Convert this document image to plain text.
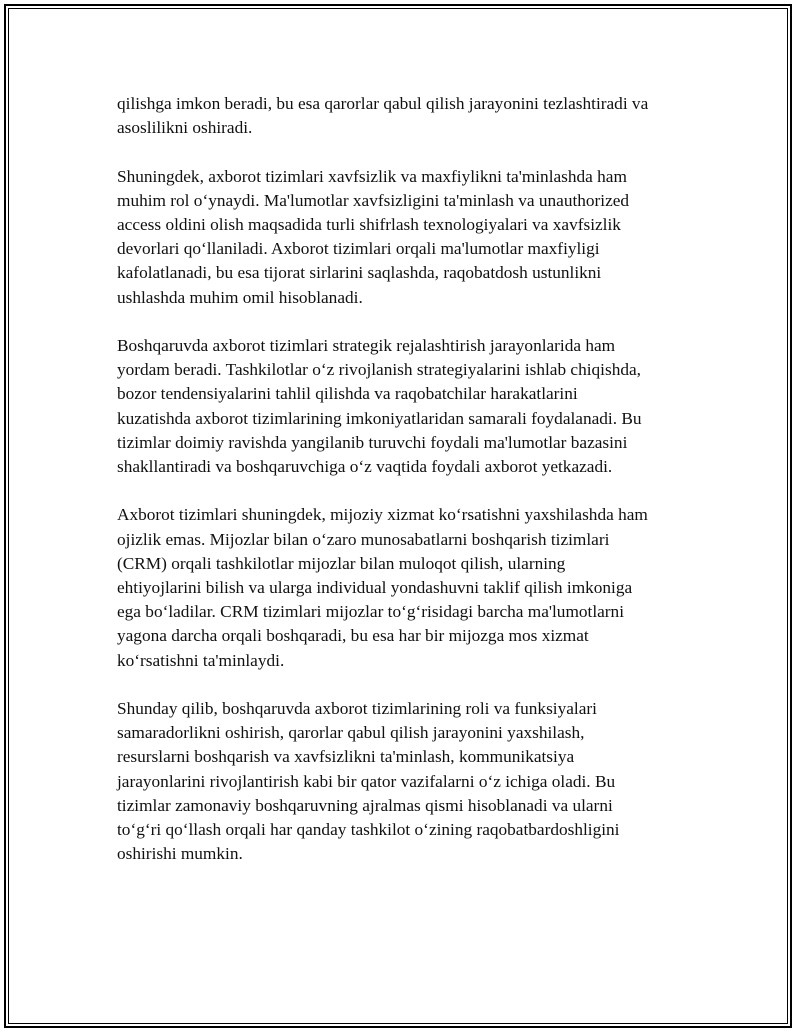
qilishga imkon beradi, bu esa qarorlar qabul qilish jarayonini tezlashtiradi va
asoslilikni oshiradi.

Shuningdek, axborot tizimlari xavfsizlik va maxfiylikni ta'minlashda ham
muhim rol o‘ynaydi. Ma'lumotlar xavfsizligini ta'minlash va unauthorized
access oldini olish maqsadida turli shifrlash texnologiyalari va xavfsizlik
devorlari qo‘llaniladi. Axborot tizimlari orqali ma'lumotlar maxfiyligi
kafolatlanadi, bu esa tijorat sirlarini saqlashda, raqobatdosh ustunlikni
ushlashda muhim omil hisoblanadi.

Boshqaruvda axborot tizimlari strategik rejalashtirish jarayonlarida ham
yordam beradi. Tashkilotlar o‘z rivojlanish strategiyalarini ishlab chiqishda,
bozor tendensiyalarini tahlil qilishda va raqobatchilar harakatlarini
kuzatishda axborot tizimlarining imkoniyatlaridan samarali foydalanadi. Bu
tizimlar doimiy ravishda yangilanib turuvchi foydali ma'lumotlar bazasini
shakllantiradi va boshqaruvchiga o‘z vaqtida foydali axborot yetkazadi.

Axborot tizimlari shuningdek, mijoziy xizmat ko‘rsatishni yaxshilashda ham
ojizlik emas. Mijozlar bilan o‘zaro munosabatlarni boshqarish tizimlari
(CRM) orqali tashkilotlar mijozlar bilan muloqot qilish, ularning
ehtiyojlarini bilish va ularga individual yondashuvni taklif qilish imkoniga
ega bo‘ladilar. CRM tizimlari mijozlar to‘g‘risidagi barcha ma'lumotlarni
yagona darcha orqali boshqaradi, bu esa har bir mijozga mos xizmat
ko‘rsatishni ta'minlaydi.

Shunday qilib, boshqaruvda axborot tizimlarining roli va funksiyalari
samaradorlikni oshirish, qarorlar qabul qilish jarayonini yaxshilash,
resurslarni boshqarish va xavfsizlikni ta'minlash, kommunikatsiya
jarayonlarini rivojlantirish kabi bir qator vazifalarni o‘z ichiga oladi. Bu
tizimlar zamonaviy boshqaruvning ajralmas qismi hisoblanadi va ularni
to‘g‘ri qo‘llash orqali har qanday tashkilot o‘zining raqobatbardoshligini
oshirishi mumkin.
